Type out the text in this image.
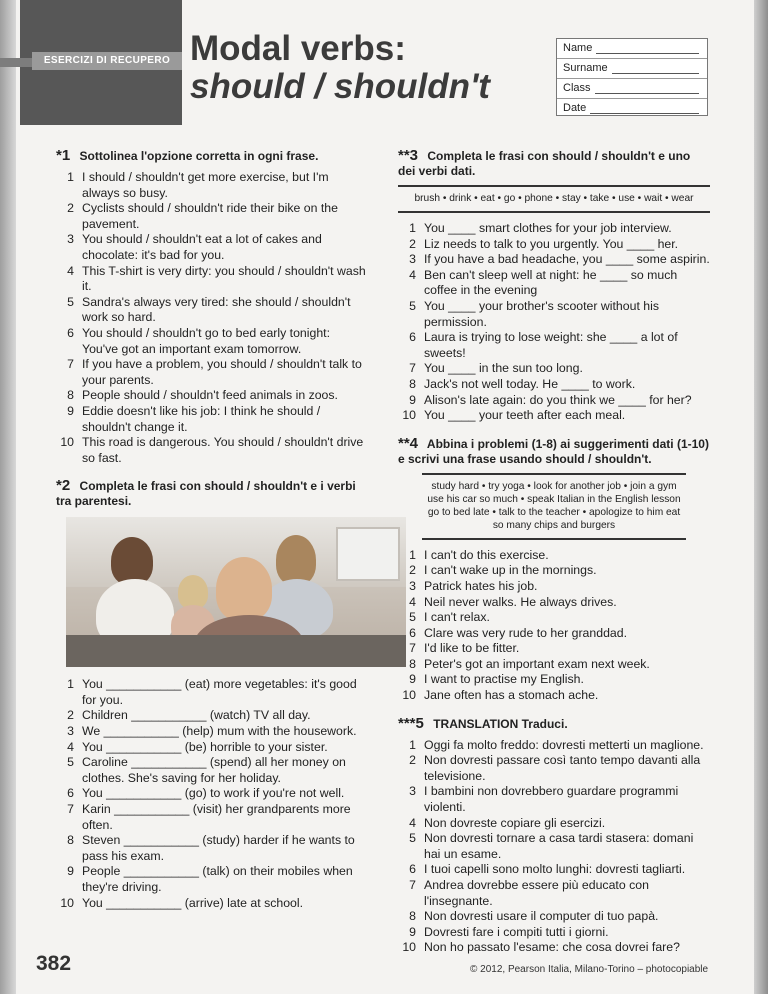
ESERCIZI DI RECUPERO Modal verbs:
should / shouldn't
Name
Surname
Class
Date
*1 Sottolinea l'opzione corretta in ogni frase.
1 I should / shouldn't get more exercise, but I'm always so busy.
2 Cyclists should / shouldn't ride their bike on the pavement.
3 You should / shouldn't eat a lot of cakes and chocolate: it's bad for you.
4 This T-shirt is very dirty: you should / shouldn't wash it.
5 Sandra's always very tired: she should / shouldn't work so hard.
6 You should / shouldn't go to bed early tonight: You've got an important exam tomorrow.
7 If you have a problem, you should / shouldn't talk to your parents.
8 People should / shouldn't feed animals in zoos.
9 Eddie doesn't like his job: I think he should / shouldn't change it.
10 This road is dangerous. You should / shouldn't drive so fast.
*2 Completa le frasi con should / shouldn't e i verbi tra parentesi.
1 You ___________ (eat) more vegetables: it's good for you.
2 Children ___________ (watch) TV all day.
3 We ___________ (help) mum with the housework.
4 You ___________ (be) horrible to your sister.
5 Caroline ___________ (spend) all her money on clothes. She's saving for her holiday.
6 You ___________ (go) to work if you're not well.
7 Karin ___________ (visit) her grandparents more often.
8 Steven ___________ (study) harder if he wants to pass his exam.
9 People ___________ (talk) on their mobiles when they're driving.
10 You ___________ (arrive) late at school.
**3 Completa le frasi con should / shouldn't e uno dei verbi dati.
brush • drink • eat • go • phone • stay • take • use • wait • wear
1 You ____ smart clothes for your job interview.
2 Liz needs to talk to you urgently. You ____ her.
3 If you have a bad headache, you ____ some aspirin.
4 Ben can't sleep well at night: he ____ so much coffee in the evening
5 You ____ your brother's scooter without his permission.
6 Laura is trying to lose weight: she ____ a lot of sweets!
7 You ____ in the sun too long.
8 Jack's not well today. He ____ to work.
9 Alison's late again: do you think we ____ for her?
10 You ____ your teeth after each meal.
**4 Abbina i problemi (1-8) ai suggerimenti dati (1-10) e scrivi una frase usando should / shouldn't.
study hard • try yoga • look for another job • join a gym use his car so much • speak Italian in the English lesson go to bed late • talk to the teacher • apologize to him eat so many chips and burgers
1 I can't do this exercise.
2 I can't wake up in the mornings.
3 Patrick hates his job.
4 Neil never walks. He always drives.
5 I can't relax.
6 Clare was very rude to her granddad.
7 I'd like to be fitter.
8 Peter's got an important exam next week.
9 I want to practise my English.
10 Jane often has a stomach ache.
***5 TRANSLATION Traduci.
1 Oggi fa molto freddo: dovresti metterti un maglione.
2 Non dovresti passare così tanto tempo davanti alla televisione.
3 I bambini non dovrebbero guardare programmi violenti.
4 Non dovreste copiare gli esercizi.
5 Non dovresti tornare a casa tardi stasera: domani hai un esame.
6 I tuoi capelli sono molto lunghi: dovresti tagliarti.
7 Andrea dovrebbe essere più educato con l'insegnante.
8 Non dovresti usare il computer di tuo papà.
9 Dovresti fare i compiti tutti i giorni.
10 Non ho passato l'esame: che cosa dovrei fare?
382	© 2012, Pearson Italia, Milano-Torino – photocopiable
